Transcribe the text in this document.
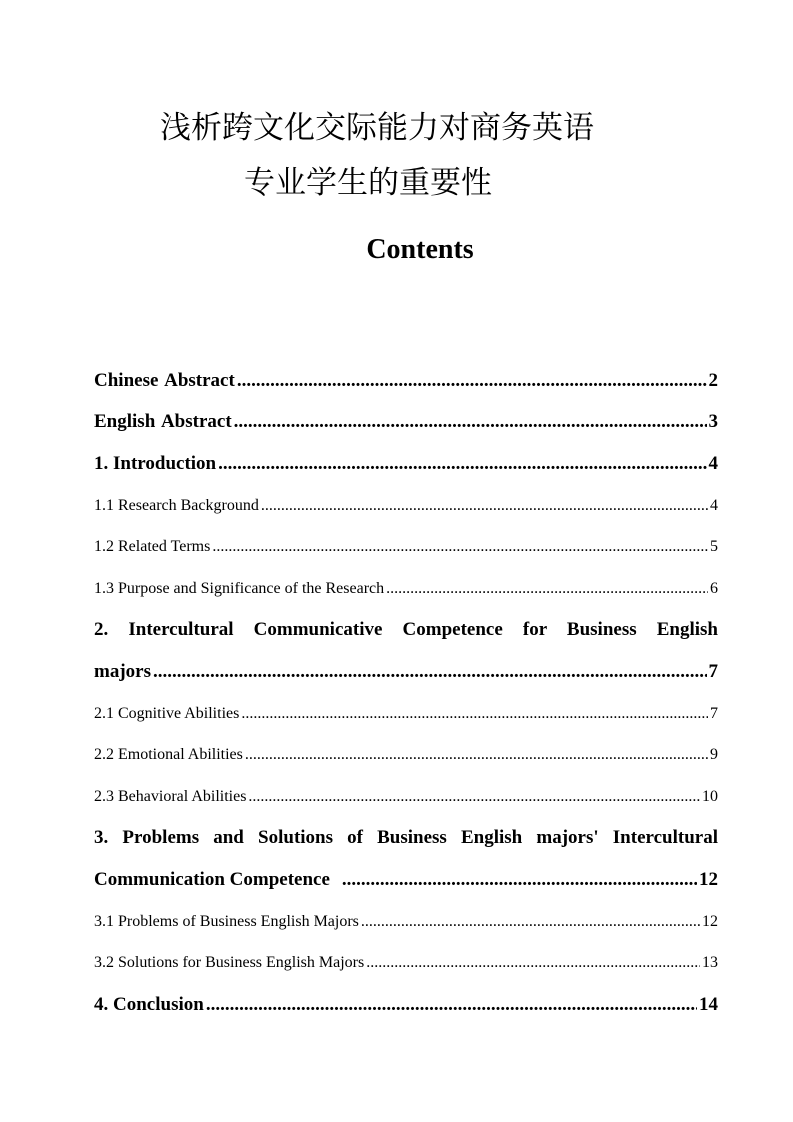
浅析跨文化交际能力对商务英语
专业学生的重要性
Contents
Chinese Abstract .....	2
English Abstract .....	3
1. Introduction .....	4
1.1 Research Background .....	4
1.2 Related Terms .....	5
1.3 Purpose and Significance of the Research .....	6
2. Intercultural Communicative Competence for Business English
majors .....	7
2.1 Cognitive Abilities .....	7
2.2 Emotional Abilities .....	9
2.3 Behavioral Abilities .....	10
3. Problems and Solutions of Business English majors' Intercultural
Communication Competence .....	12
3.1 Problems of Business English Majors .....	12
3.2 Solutions for Business English Majors .....	13
4. Conclusion .....	14
